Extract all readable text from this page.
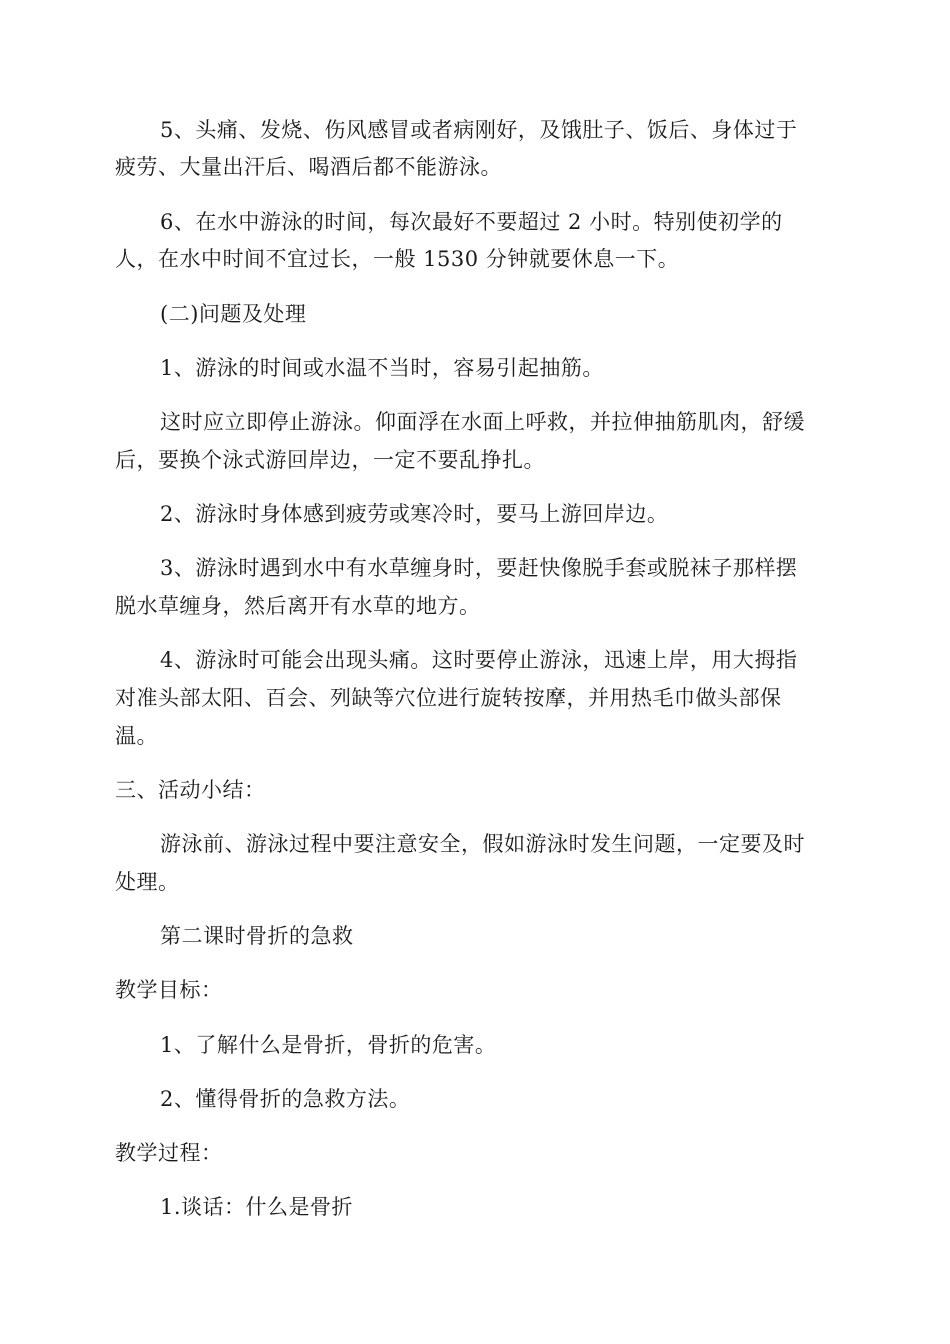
5、头痛、发烧、伤风感冒或者病刚好，及饿肚子、饭后、身体过于

疲劳、大量出汗后、喝酒后都不能游泳。

6、在水中游泳的时间，每次最好不要超过 2 小时。特别使初学的

人，在水中时间不宜过长，一般 1530 分钟就要休息一下。

(二)问题及处理

1、游泳的时间或水温不当时，容易引起抽筋。

这时应立即停止游泳。仰面浮在水面上呼救，并拉伸抽筋肌肉，舒缓

后，要换个泳式游回岸边，一定不要乱挣扎。

2、游泳时身体感到疲劳或寒冷时，要马上游回岸边。

3、游泳时遇到水中有水草缠身时，要赶快像脱手套或脱袜子那样摆

脱水草缠身，然后离开有水草的地方。

4、游泳时可能会出现头痛。这时要停止游泳，迅速上岸，用大拇指

对准头部太阳、百会、列缺等穴位进行旋转按摩，并用热毛巾做头部保

温。

三、活动小结：

游泳前、游泳过程中要注意安全，假如游泳时发生问题，一定要及时

处理。

第二课时骨折的急救

教学目标：

1、了解什么是骨折，骨折的危害。

2、懂得骨折的急救方法。

教学过程：

1.谈话：什么是骨折
